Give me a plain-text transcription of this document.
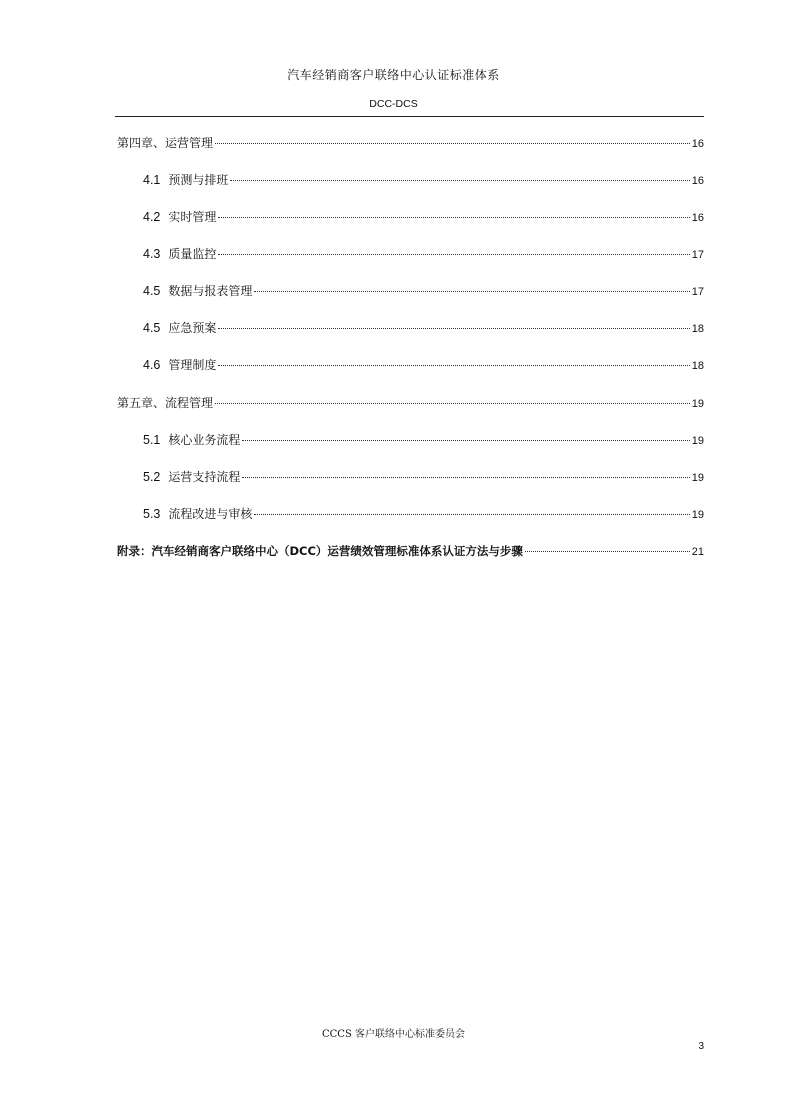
汽车经销商客户联络中心认证标准体系
DCC-DCS
第四章、运营管理	16
4.1 预测与排班	16
4.2 实时管理	16
4.3 质量监控	17
4.5 数据与报表管理	17
4.5 应急预案	18
4.6 管理制度	18
第五章、流程管理	19
5.1 核心业务流程	19
5.2 运营支持流程	19
5.3 流程改进与审核	19
附录：汽车经销商客户联络中心（DCC）运营绩效管理标准体系认证方法与步骤	21
CCCS 客户联络中心标准委员会
3
